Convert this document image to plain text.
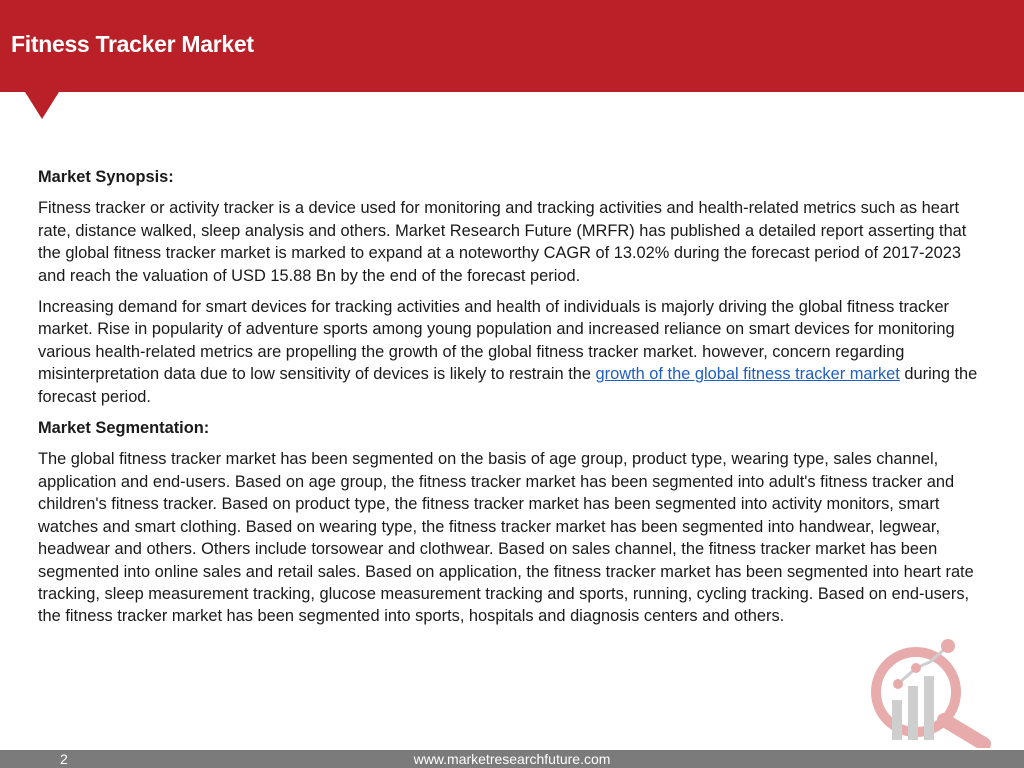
Fitness Tracker Market

Market Synopsis:

Fitness tracker or activity tracker is a device used for monitoring and tracking activities and health-related metrics such as heart rate, distance walked, sleep analysis and others. Market Research Future (MRFR) has published a detailed report asserting that the global fitness tracker market is marked to expand at a noteworthy CAGR of 13.02% during the forecast period of 2017-2023 and reach the valuation of USD 15.88 Bn by the end of the forecast period.

Increasing demand for smart devices for tracking activities and health of individuals is majorly driving the global fitness tracker market. Rise in popularity of adventure sports among young population and increased reliance on smart devices for monitoring various health-related metrics are propelling the growth of the global fitness tracker market. however, concern regarding misinterpretation data due to low sensitivity of devices is likely to restrain the growth of the global fitness tracker market during the forecast period.

Market Segmentation:

The global fitness tracker market has been segmented on the basis of age group, product type, wearing type, sales channel, application and end-users. Based on age group, the fitness tracker market has been segmented into adult's fitness tracker and children's fitness tracker. Based on product type, the fitness tracker market has been segmented into activity monitors, smart watches and smart clothing. Based on wearing type, the fitness tracker market has been segmented into handwear, legwear, headwear and others. Others include torsowear and clothwear. Based on sales channel, the fitness tracker market has been segmented into online sales and retail sales. Based on application, the fitness tracker market has been segmented into heart rate tracking, sleep measurement tracking, glucose measurement tracking and sports, running, cycling tracking. Based on end-users, the fitness tracker market has been segmented into sports, hospitals and diagnosis centers and others.

2	www.marketresearchfuture.com
